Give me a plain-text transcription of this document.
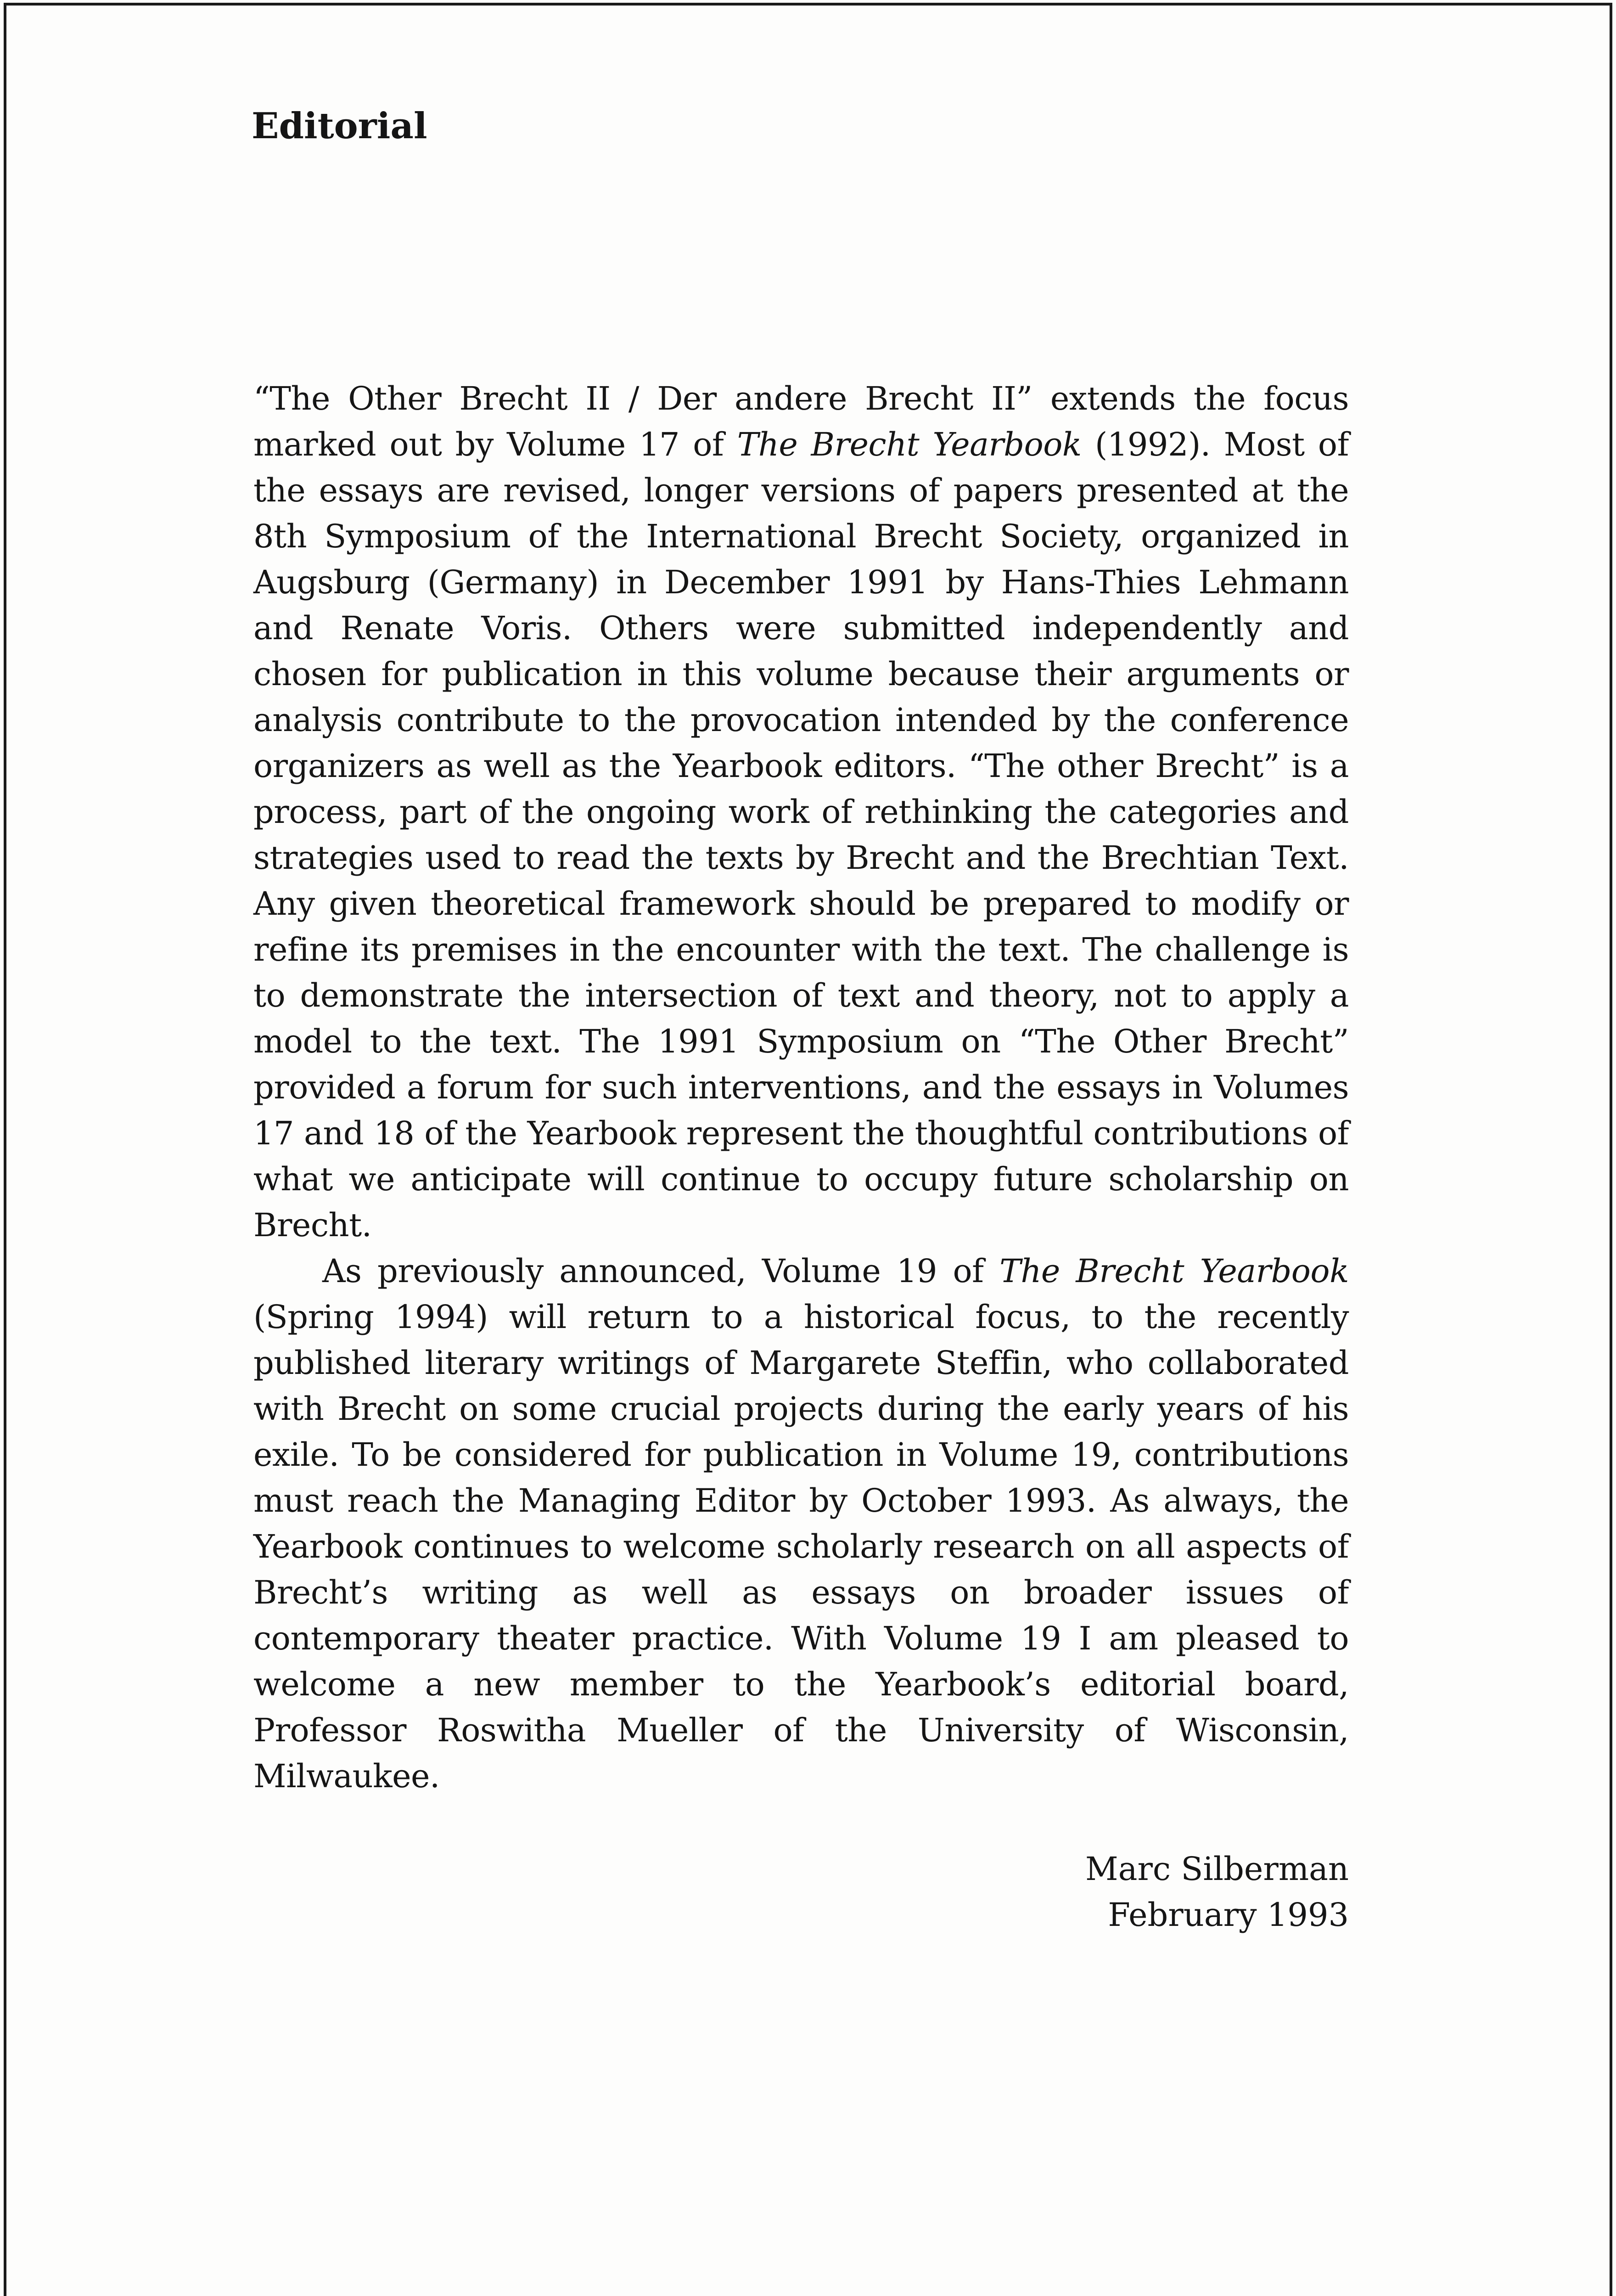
Editorial

“The Other Brecht II / Der andere Brecht II” extends the focus marked out by Volume 17 of The Brecht Yearbook (1992). Most of the essays are revised, longer versions of papers presented at the 8th Symposium of the International Brecht Society, organized in Augsburg (Germany) in December 1991 by Hans-Thies Lehmann and Renate Voris. Others were submitted independently and chosen for publication in this volume because their arguments or analysis contribute to the provocation intended by the conference organizers as well as the Yearbook editors. “The other Brecht” is a process, part of the ongoing work of rethinking the categories and strategies used to read the texts by Brecht and the Brechtian Text. Any given theoretical framework should be prepared to modify or refine its premises in the encounter with the text. The challenge is to demonstrate the intersection of text and theory, not to apply a model to the text. The 1991 Symposium on “The Other Brecht” provided a forum for such interventions, and the essays in Volumes 17 and 18 of the Yearbook represent the thoughtful contributions of what we anticipate will continue to occupy future scholarship on Brecht.

As previously announced, Volume 19 of The Brecht Yearbook (Spring 1994) will return to a historical focus, to the recently published literary writings of Margarete Steffin, who collaborated with Brecht on some crucial projects during the early years of his exile. To be considered for publication in Volume 19, contributions must reach the Managing Editor by October 1993. As always, the Yearbook continues to welcome scholarly research on all aspects of Brecht’s writing as well as essays on broader issues of contemporary theater practice. With Volume 19 I am pleased to welcome a new member to the Yearbook’s editorial board, Professor Roswitha Mueller of the University of Wisconsin, Milwaukee.

Marc Silberman
February 1993
